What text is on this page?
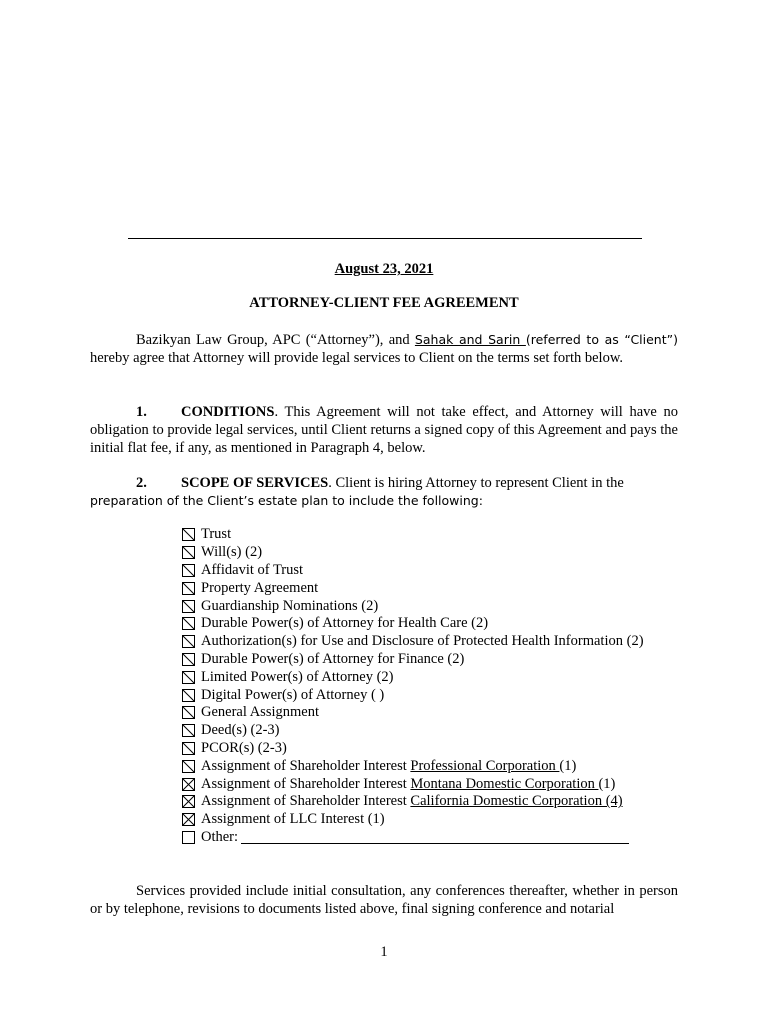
August 23, 2021
ATTORNEY-CLIENT FEE AGREEMENT
Bazikyan Law Group, APC (“Attorney”), and Sahak and Sarin (referred to as “Client”) hereby agree that Attorney will provide legal services to Client on the terms set forth below.
1. CONDITIONS. This Agreement will not take effect, and Attorney will have no obligation to provide legal services, until Client returns a signed copy of this Agreement and pays the initial flat fee, if any, as mentioned in Paragraph 4, below.
2. SCOPE OF SERVICES. Client is hiring Attorney to represent Client in the
preparation of the Client’s estate plan to include the following:
Trust
Will(s) (2)
Affidavit of Trust
Property Agreement
Guardianship Nominations (2)
Durable Power(s) of Attorney for Health Care (2)
Authorization(s) for Use and Disclosure of Protected Health Information (2)
Durable Power(s) of Attorney for Finance (2)
Limited Power(s) of Attorney (2)
Digital Power(s) of Attorney ( )
General Assignment
Deed(s) (2-3)
PCOR(s) (2-3)
Assignment of Shareholder Interest Professional Corporation (1)
Assignment of Shareholder Interest Montana Domestic Corporation (1)
Assignment of Shareholder Interest California Domestic Corporation (4)
Assignment of LLC Interest (1)
Other:
Services provided include initial consultation, any conferences thereafter, whether in person or by telephone, revisions to documents listed above, final signing conference and notarial
1
